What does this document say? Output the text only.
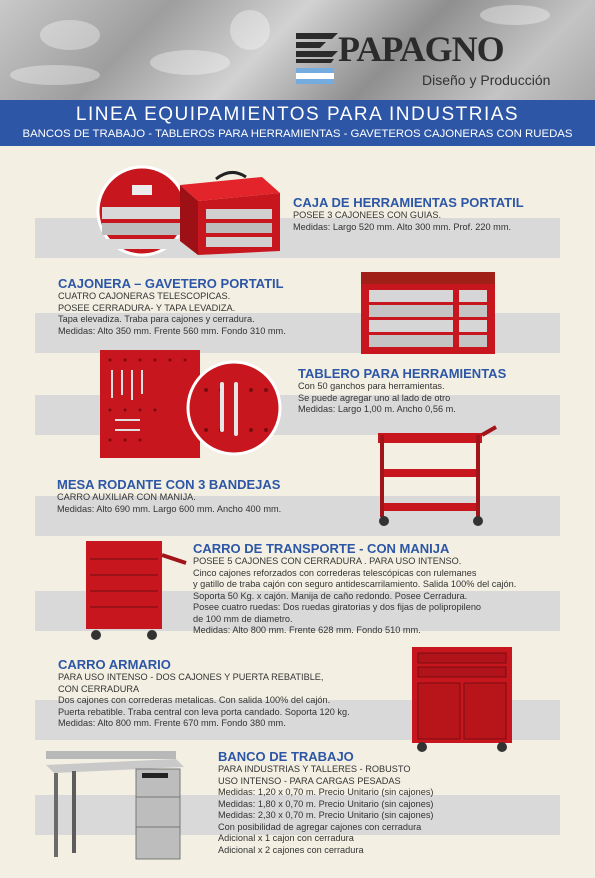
PAPAGNO
Diseño y Producción
LINEA EQUIPAMIENTOS PARA INDUSTRIAS
BANCOS DE TRABAJO - TABLEROS PARA HERRAMIENTAS - GAVETEROS CAJONERAS CON RUEDAS
CAJA DE HERRAMIENTAS PORTATIL
POSEE 3 CAJONEES CON GUIAS.
Medidas: Largo 520 mm. Alto 300 mm. Prof. 220 mm.
CAJONERA – GAVETERO PORTATIL
CUATRO CAJONERAS TELESCOPICAS.
POSEE CERRADURA- Y TAPA LEVADIZA.
Tapa elevadiza. Traba para cajones y cerradura.
Medidas: Alto 350 mm. Frente 560 mm. Fondo 310 mm.
TABLERO PARA HERRAMIENTAS
Con 50 ganchos para herramientas.
Se puede agregar uno al lado de otro
Medidas: Largo 1,00 m. Ancho 0,56 m.
MESA RODANTE CON 3 BANDEJAS
CARRO AUXILIAR CON MANIJA.
Medidas: Alto 690 mm. Largo 600 mm. Ancho 400 mm.
CARRO DE TRANSPORTE - CON MANIJA
POSEE 5 CAJONES CON CERRADURA . PARA USO INTENSO.
Cinco cajones reforzados con correderas telescópicas con rulemanes
y gatillo de traba cajón con seguro antidescarrilamiento. Salida 100% del cajón.
Soporta 50 Kg. x cajón. Manija de caño redondo. Posee Cerradura.
Posee cuatro ruedas: Dos ruedas giratorias y dos fijas de polipropileno
de 100 mm de diametro.
Medidas: Alto 800 mm. Frente 628 mm. Fondo 510 mm.
CARRO ARMARIO
PARA USO INTENSO - DOS CAJONES Y PUERTA REBATIBLE,
CON CERRADURA
Dos cajones con correderas metalicas. Con salida 100% del cajón.
Puerta rebatible. Traba central con leva porta candado. Soporta 120 kg.
Medidas: Alto 800 mm. Frente 670 mm. Fondo 380 mm.
BANCO DE TRABAJO
PARA INDUSTRIAS Y TALLERES - ROBUSTO
USO INTENSO - PARA CARGAS PESADAS
Medidas: 1,20 x 0,70 m. Precio Unitario (sin cajones)
Medidas: 1,80 x 0,70 m. Precio Unitario (sin cajones)
Medidas: 2,30 x 0,70 m. Precio Unitario (sin cajones)
Con posibilidad de agregar cajones con cerradura
Adicional x 1 cajon con cerradura
Adicional x 2 cajones con cerradura
